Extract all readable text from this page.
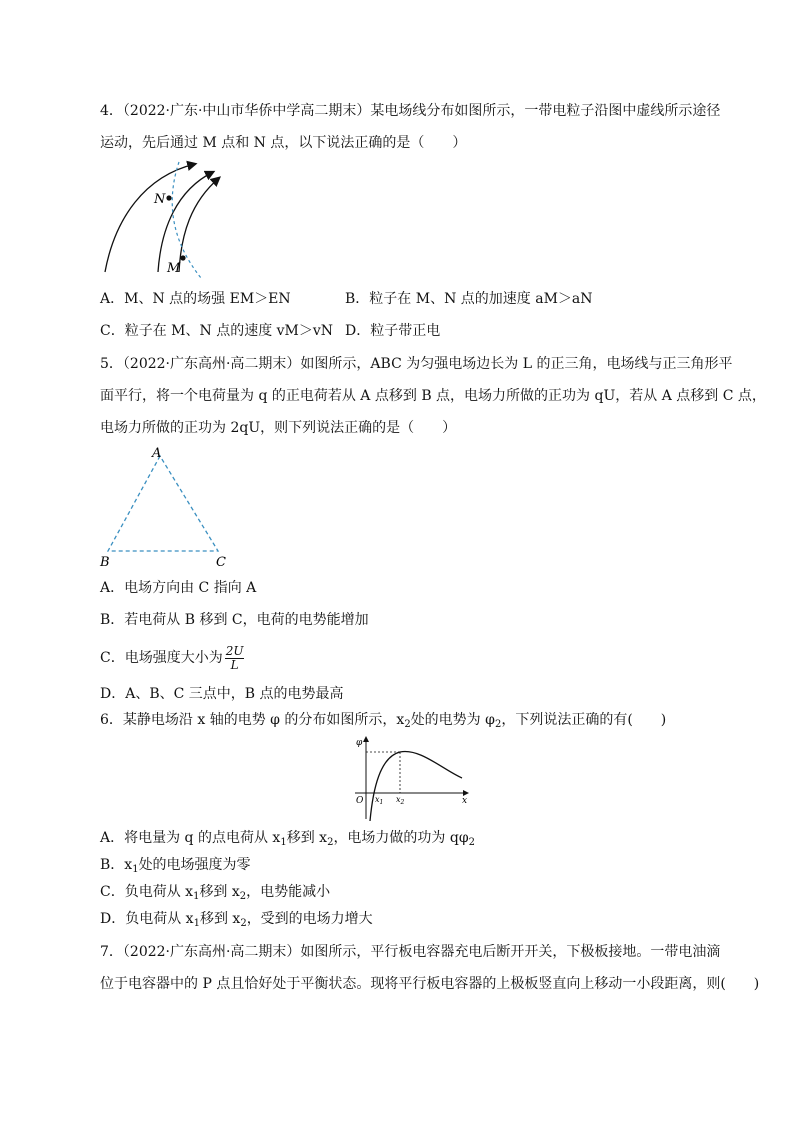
4．（2022·广东·中山市华侨中学高二期末）某电场线分布如图所示，一带电粒子沿图中虚线所示途径
运动，先后通过 M 点和 N 点，以下说法正确的是（　　）
N
M
A．M、N 点的场强 EM＞EN	B．粒子在 M、N 点的加速度 aM＞aN
C．粒子在 M、N 点的速度 vM＞vN D．粒子带正电
5．（2022·广东高州·高二期末）如图所示，ABC 为匀强电场边长为 L 的正三角，电场线与正三角形平
面平行，将一个电荷量为 q 的正电荷若从 A 点移到 B 点，电场力所做的正功为 qU，若从 A 点移到 C 点，
电场力所做的正功为 2qU，则下列说法正确的是（　　）
A
B	C
A．电场方向由 C 指向 A
B．若电荷从 B 移到 C，电荷的电势能增加
C．电场强度大小为 $\frac{2U}{L}$
D．A、B、C 三点中，B 点的电势最高
6．某静电场沿 x 轴的电势 φ 的分布如图所示，$x_2$处的电势为 $\varphi_2$，下列说法正确的有(　　)
φ
O	x
$x_1$ $x_2$
A．将电量为 q 的点电荷从 $x_1$移到 $x_2$，电场力做的功为 $q\varphi_2$
B．$x_1$处的电场强度为零
C．负电荷从 $x_1$移到 $x_2$，电势能减小
D．负电荷从 $x_1$移到 $x_2$，受到的电场力增大
7．（2022·广东高州·高二期末）如图所示，平行板电容器充电后断开开关，下极板接地。一带电油滴
位于电容器中的 P 点且恰好处于平衡状态。现将平行板电容器的上极板竖直向上移动一小段距离，则(　　)
